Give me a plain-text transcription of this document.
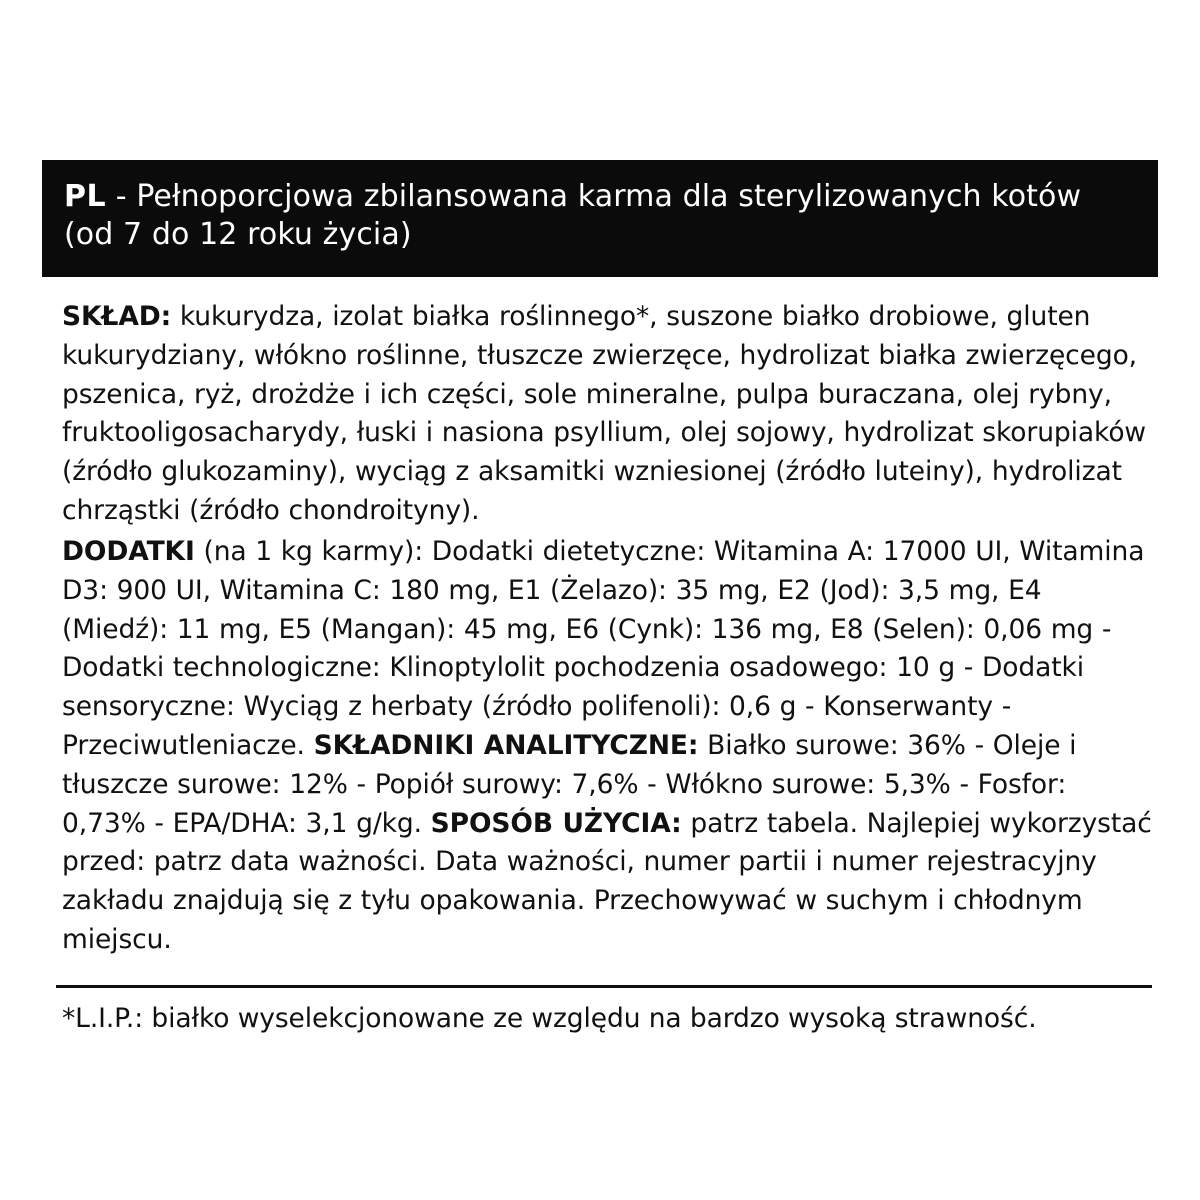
PL - Pełnoporcjowa zbilansowana karma dla sterylizowanych kotów (od 7 do 12 roku życia)

SKŁAD: kukurydza, izolat białka roślinnego*, suszone białko drobiowe, gluten kukurydziany, włókno roślinne, tłuszcze zwierzęce, hydrolizat białka zwierzęcego, pszenica, ryż, drożdże i ich części, sole mineralne, pulpa buraczana, olej rybny, fruktooligosacharydy, łuski i nasiona psyllium, olej sojowy, hydrolizat skorupiaków (źródło glukozaminy), wyciąg z aksamitki wzniesionej (źródło luteiny), hydrolizat chrząstki (źródło chondroityny).

DODATKI (na 1 kg karmy): Dodatki dietetyczne: Witamina A: 17000 UI, Witamina D3: 900 UI, Witamina C: 180 mg, E1 (Żelazo): 35 mg, E2 (Jod): 3,5 mg, E4 (Miedź): 11 mg, E5 (Mangan): 45 mg, E6 (Cynk): 136 mg, E8 (Selen): 0,06 mg - Dodatki technologiczne: Klinoptylolit pochodzenia osadowego: 10 g - Dodatki sensoryczne: Wyciąg z herbaty (źródło polifenoli): 0,6 g - Konserwanty - Przeciwutleniacze. SKŁADNIKI ANALITYCZNE: Białko surowe: 36% - Oleje i tłuszcze surowe: 12% - Popiół surowy: 7,6% - Włókno surowe: 5,3% - Fosfor: 0,73% - EPA/DHA: 3,1 g/kg. SPOSÓB UŻYCIA: patrz tabela. Najlepiej wykorzystać przed: patrz data ważności. Data ważności, numer partii i numer rejestracyjny zakładu znajdują się z tyłu opakowania. Przechowywać w suchym i chłodnym miejscu.

*L.I.P.: białko wyselekcjonowane ze względu na bardzo wysoką strawność.
